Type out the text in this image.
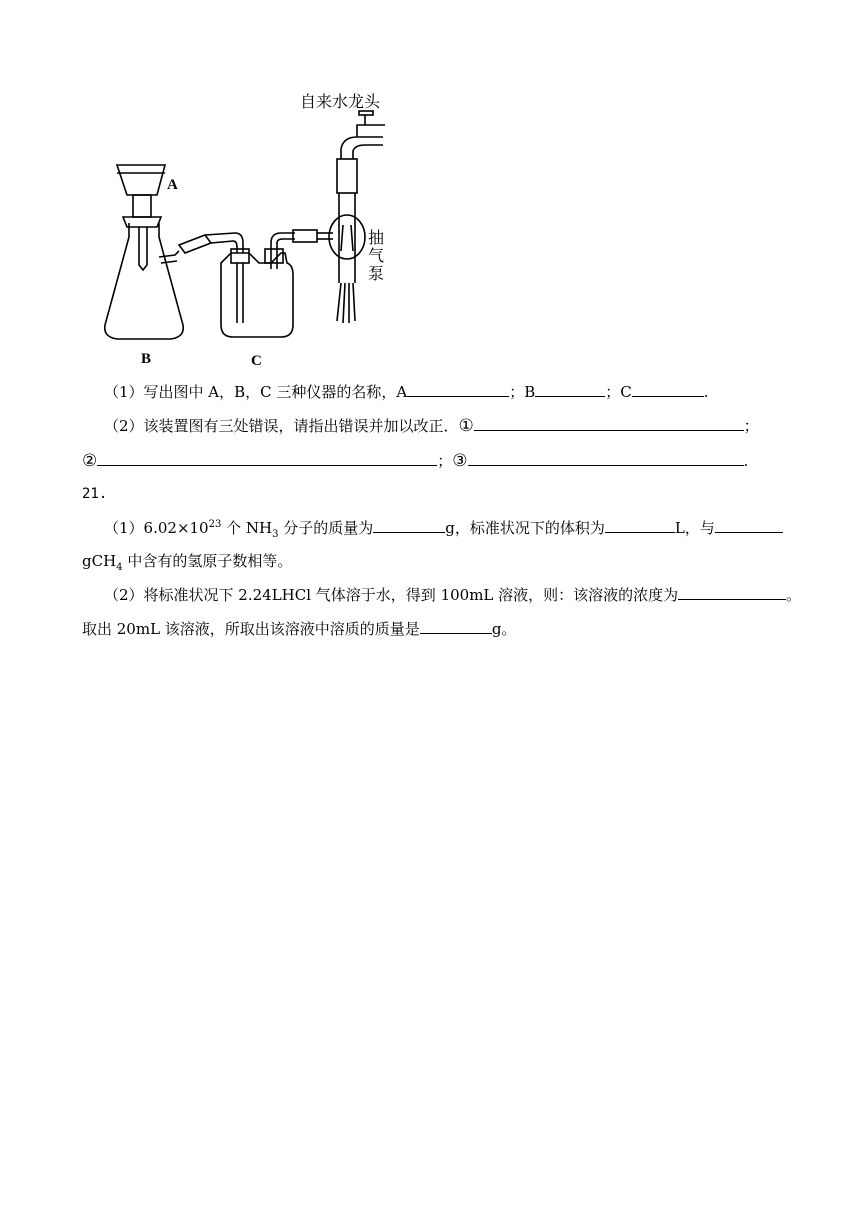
A
B	C
自来水龙头
抽
气
泵
（1）写出图中 A，B，C 三种仪器的名称，A	；B	；C	.
（2）该装置图有三处错误，请指出错误并加以改正．①	；
②	；③	.
21.
$(1)6.02\times 10^{23}$ 个 $NH_3$ 分子的质量为	g，标准状况下的体积为	L，与
gCH$_4$ 中含有的氢原子数相等。
（2）将标准状况下 2.24LHCl 气体溶于水，得到 100mL 溶液，则：该溶液的浓度为	。
取出 20mL 该溶液，所取出该溶液中溶质的质量是	g。
